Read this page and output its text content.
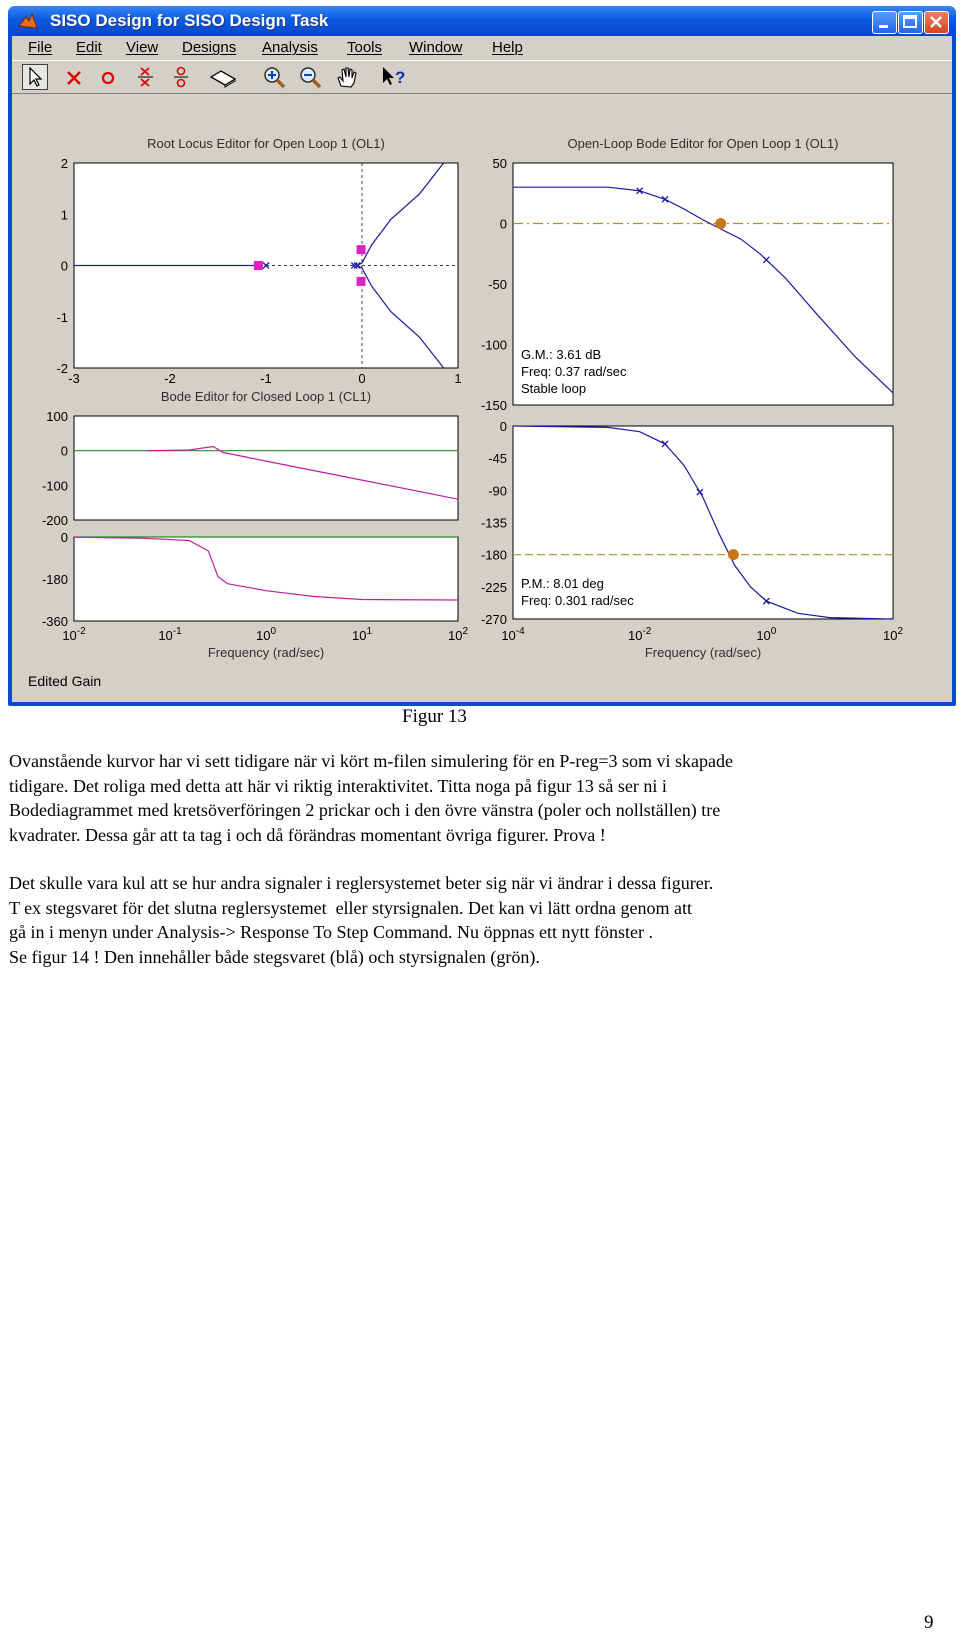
SISO Design for SISO Design Task
File Edit View Designs Analysis Tools Window Help
?
Root Locus Editor for Open Loop 1 (OL1)
2
1
0
-1
-2
-3	-2	-1	0	1
Open-Loop Bode Editor for Open Loop 1 (OL1)
50
0
-50
-100
-150
G.M.: 3.61 dB
Freq: 0.37 rad/sec
Stable loop
Bode Editor for Closed Loop 1 (CL1)
100
0
-100
-200
0
-180
-360
$10^{-2}$	$10^{-1}$	$10^0$	$10^1$	$10^2$
Frequency (rad/sec)
0
-45
-90
-135
-180
-225
-270
$10^{-4}$	$10^{-2}$	$10^0$	$10^2$
Frequency (rad/sec)
P.M.: 8.01 deg
Freq: 0.301 rad/sec
Edited Gain
Figur 13
Ovanstående kurvor har vi sett tidigare när vi kört m-filen simulering för en P-reg=3 som vi skapade
tidigare. Det roliga med detta att här vi riktig interaktivitet. Titta noga på figur 13 så ser ni i
Bodediagrammet med kretsöverföringen 2 prickar och i den övre vänstra (poler och nollställen) tre
kvadrater. Dessa går att ta tag i och då förändras momentant övriga figurer. Prova !
Det skulle vara kul att se hur andra signaler i reglersystemet beter sig när vi ändrar i dessa figurer.
T ex stegsvaret för det slutna reglersystemet  eller styrsignalen. Det kan vi lätt ordna genom att
gå in i menyn under Analysis-> Response To Step Command. Nu öppnas ett nytt fönster .
Se figur 14 ! Den innehåller både stegsvaret (blå) och styrsignalen (grön).
9
